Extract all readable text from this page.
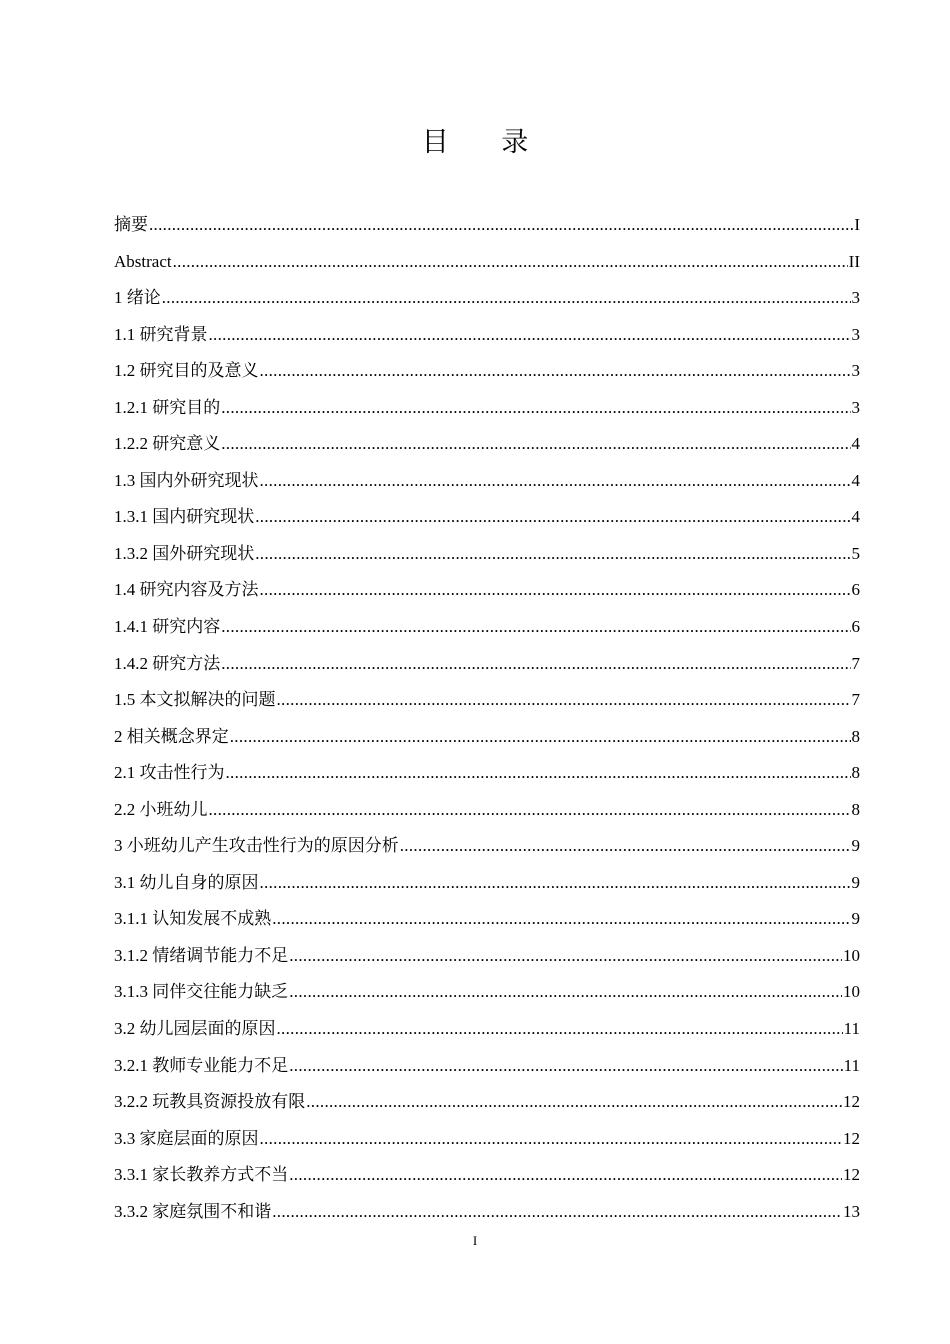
目 录
摘要 .....	I
Abstract .....	II
1 绪论 .....	3
1.1 研究背景 .....	3
1.2 研究目的及意义 .....	3
1.2.1 研究目的 .....	3
1.2.2 研究意义 .....	4
1.3 国内外研究现状 .....	4
1.3.1 国内研究现状 .....	4
1.3.2 国外研究现状 .....	5
1.4 研究内容及方法 .....	6
1.4.1 研究内容 .....	6
1.4.2 研究方法 .....	7
1.5 本文拟解决的问题 .....	7
2 相关概念界定 .....	8
2.1 攻击性行为 .....	8
2.2 小班幼儿 .....	8
3 小班幼儿产生攻击性行为的原因分析 .....	9
3.1 幼儿自身的原因 .....	9
3.1.1 认知发展不成熟 .....	9
3.1.2 情绪调节能力不足 .....	10
3.1.3 同伴交往能力缺乏 .....	10
3.2 幼儿园层面的原因 .....	11
3.2.1 教师专业能力不足 .....	11
3.2.2 玩教具资源投放有限 .....	12
3.3 家庭层面的原因 .....	12
3.3.1 家长教养方式不当 .....	12
3.3.2 家庭氛围不和谐 .....	13
I
